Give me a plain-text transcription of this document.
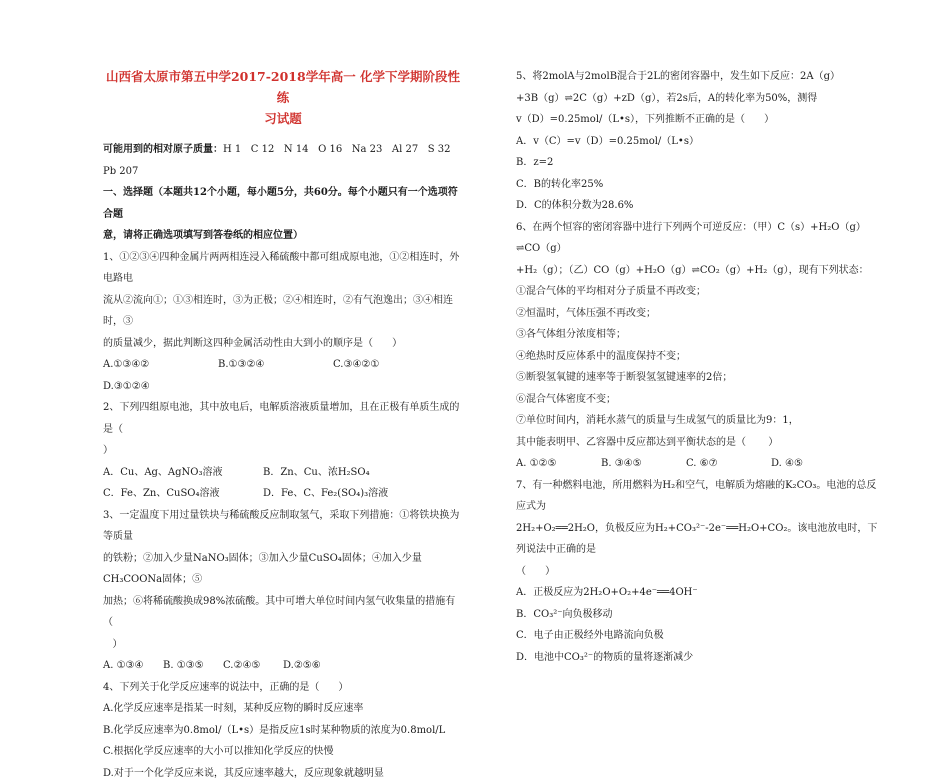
山西省太原市第五中学2017-2018学年高一 化学下学期阶段性练
习试题

可能用到的相对原子质量：H 1   C 12   N 14   O 16   Na 23   Al 27   S 32

Pb 207

一、选择题（本题共12个小题，每小题5分，共60分。每个小题只有一个选项符合题

意，请将正确选项填写到答卷纸的相应位置）

1、①②③④四种金属片两两相连浸入稀硫酸中都可组成原电池，①②相连时，外电路电

流从②流向①；①③相连时，③为正极；②④相连时，②有气泡逸出；③④相连时，③

的质量减少，据此判断这四种金属活动性由大到小的顺序是（      ）

A.①③④②	B.①③②④	C.③④②①

D.③①②④

2、下列四组原电池，其中放电后，电解质溶液质量增加，且在正极有单质生成的是（

）

A．Cu、Ag、AgNO₃溶液	B．Zn、Cu、浓H₂SO₄
C．Fe、Zn、CuSO₄溶液	D．Fe、C、Fe₂(SO₄)₃溶液

3、一定温度下用过量铁块与稀硫酸反应制取氢气，采取下列措施：①将铁块换为等质量

的铁粉；②加入少量NaNO₃固体；③加入少量CuSO₄固体；④加入少量CH₃COONa固体；⑤

加热；⑥将稀硫酸换成98%浓硫酸。其中可增大单位时间内氢气收集量的措施有（

）

A. ①③④	B. ①③⑤	C.②④⑤	D.②⑤⑥

4、下列关于化学反应速率的说法中，正确的是（      ）

A.化学反应速率是指某一时刻，某种反应物的瞬时反应速率

B.化学反应速率为0.8mol/（L•s）是指反应1s时某种物质的浓度为0.8mol/L

C.根据化学反应速率的大小可以推知化学反应的快慢

D.对于一个化学反应来说，其反应速率越大，反应现象就越明显

5、将2molA与2molB混合于2L的密闭容器中，发生如下反应：2A（g）

+3B（g）⇌2C（g）+zD（g），若2s后，A的转化率为50%，测得

v（D）=0.25mol/（L•s），下列推断不正确的是（      ）

A．v（C）=v（D）=0.25mol/（L•s）

B．z=2

C．B的转化率25%

D．C的体积分数为28.6%

6、在两个恒容的密闭容器中进行下列两个可逆反应：（甲）C（s）+H₂O（g）⇌CO（g）

+H₂（g）；（乙）CO（g）+H₂O（g）⇌CO₂（g）+H₂（g），现有下列状态：

①混合气体的平均相对分子质量不再改变；

②恒温时，气体压强不再改变；

③各气体组分浓度相等；

④绝热时反应体系中的温度保持不变；

⑤断裂氢氧键的速率等于断裂氢氢键速率的2倍；

⑥混合气体密度不变；

⑦单位时间内，消耗水蒸气的质量与生成氢气的质量比为9：1，

其中能表明甲、乙容器中反应都达到平衡状态的是（       ）

A. ①②⑤	B. ③④⑤	C. ⑥⑦	D. ④⑤

7、有一种燃料电池，所用燃料为H₂和空气，电解质为熔融的K₂CO₃。电池的总反应式为

2H₂+O₂══2H₂O，负极反应为H₂+CO₃²⁻-2e⁻══H₂O+CO₂。该电池放电时，下列说法中正确的是

（      ）

A．正极反应为2H₂O+O₂+4e⁻══4OH⁻

B．CO₃²⁻向负极移动

C．电子由正极经外电路流向负极

D．电池中CO₃²⁻的物质的量将逐渐减少
